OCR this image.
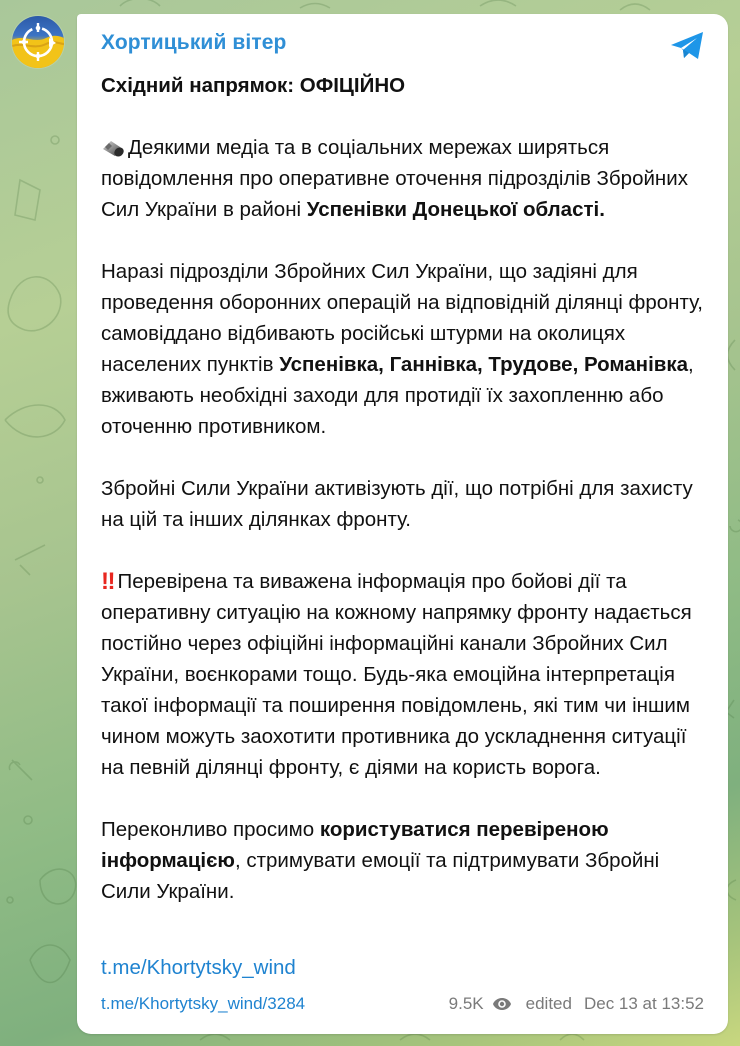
Хортицький вітер

Східний напрямок: ОФІЦІЙНО

Деякими медіа та в соціальних мережах ширяться повідомлення про оперативне оточення підрозділів Збройних Сил України в районі Успенівки Донецької області.

Наразі підрозділи Збройних Сил України, що задіяні для проведення оборонних операцій на відповідній ділянці фронту, самовіддано відбивають російські штурми на околицях населених пунктів Успенівка, Ганнівка, Трудове, Романівка, вживають необхідні заходи для протидії їх захопленню або оточенню противником.

Збройні Сили України активізують дії, що потрібні для захисту на цій та інших ділянках фронту.

‼ Перевірена та виважена інформація про бойові дії та оперативну ситуацію на кожному напрямку фронту надається постійно через офіційні інформаційні канали Збройних Сил України, воєнкорами тощо. Будь-яка емоційна інтерпретація такої інформації та поширення повідомлень, які тим чи іншим чином можуть заохотити противника до ускладнення ситуації на певній ділянці фронту, є діями на користь ворога.

Переконливо просимо користуватися перевіреною інформацією, стримувати емоції та підтримувати Збройні Сили України.

t.me/Khortytsky_wind
t.me/Khortytsky_wind/3284	9.5K edited Dec 13 at 13:52
